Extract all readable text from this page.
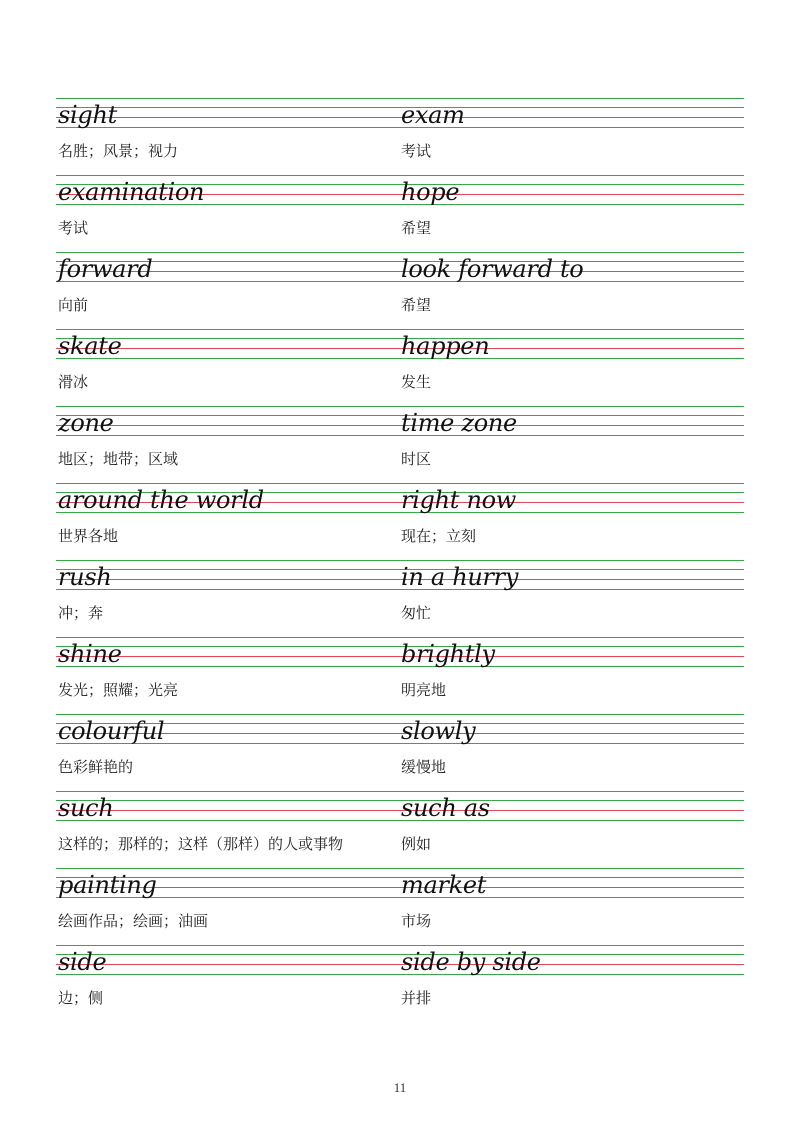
sight
名胜；风景；视力
exam
考试
examination
考试
hope
希望
forward
向前
look forward to
希望
skate
滑冰
happen
发生
zone
地区；地带；区域
time zone
时区
around the world
世界各地
right now
现在；立刻
rush
冲；奔
in a hurry
匆忙
shine
发光；照耀；光亮
brightly
明亮地
colourful
色彩鲜艳的
slowly
缓慢地
such
这样的；那样的；这样（那样）的人或事物
such as
例如
painting
绘画作品；绘画；油画
market
市场
side
边；侧
side by side
并排
11
